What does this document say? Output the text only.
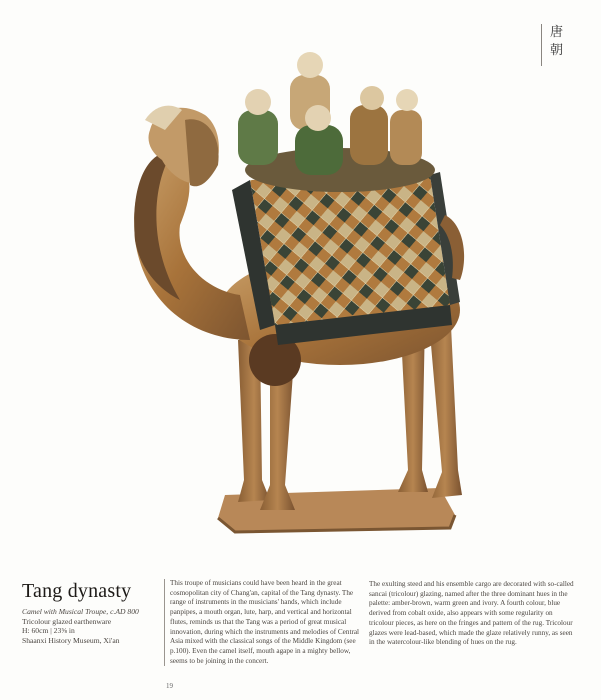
唐
朝
Tang dynasty
Camel with Musical Troupe, c.AD 800
Tricolour glazed earthenware
H: 60cm | 23⅝ in
Shaanxi History Museum, Xi'an
This troupe of musicians could have been heard in the great cosmopolitan city of Chang'an, capital of the Tang dynasty. The range of instruments in the musicians' hands, which include panpipes, a mouth organ, lute, harp, and vertical and horizontal flutes, reminds us that the Tang was a period of great musical innovation, during which the instruments and melodies of Central Asia mixed with the classical songs of the Middle Kingdom (see p.100). Even the camel itself, mouth agape in a mighty bellow, seems to be joining in the concert.
The exulting steed and his ensemble cargo are decorated with so-called sancai (tricolour) glazing, named after the three dominant hues in the palette: amber-brown, warm green and ivory. A fourth colour, blue derived from cobalt oxide, also appears with some regularity on tricolour pieces, as here on the fringes and pattern of the rug. Tricolour glazes were lead-based, which made the glaze relatively runny, as seen in the watercolour-like blending of hues on the rug.
19
